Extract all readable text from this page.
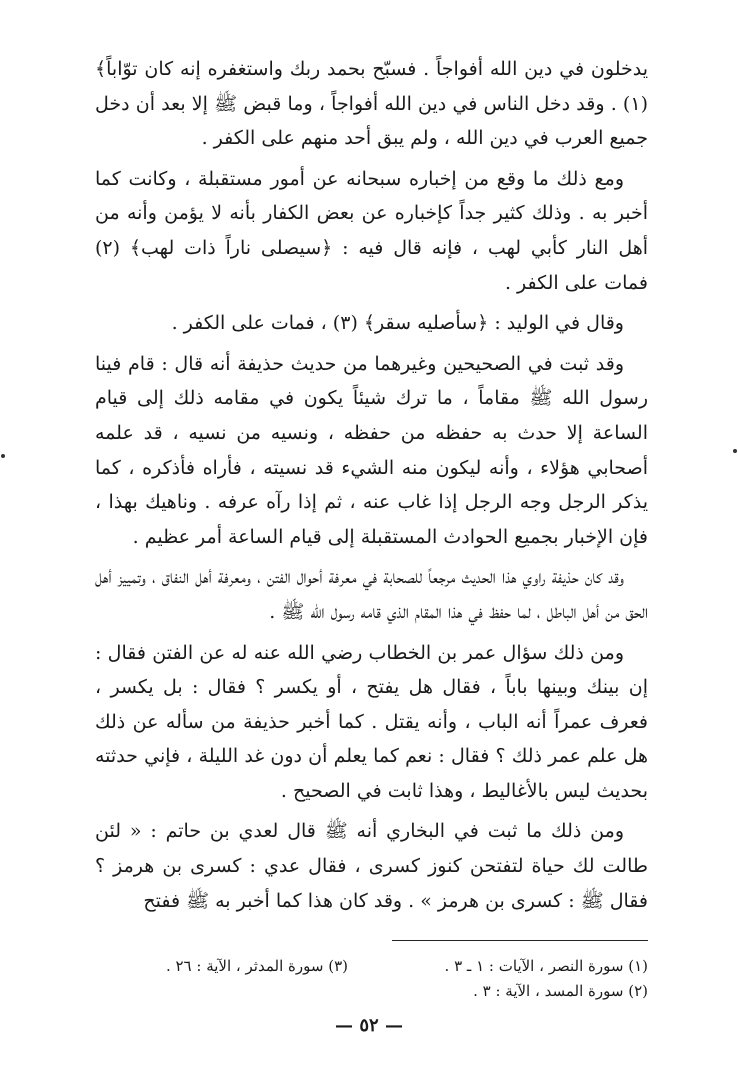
يدخلون في دين الله أفواجاً . فسبّح بحمد ربك واستغفره إنه كان توّاباً﴾ (١) . وقد دخل الناس في دين الله أفواجاً ، وما قبض ﷺ إلا بعد أن دخل جميع العرب في دين الله ، ولم يبق أحد منهم على الكفر .

ومع ذلك ما وقع من إخباره سبحانه عن أمور مستقبلة ، وكانت كما أخبر به . وذلك كثير جداً كإخباره عن بعض الكفار بأنه لا يؤمن وأنه من أهل النار كأبي لهب ، فإنه قال فيه : ﴿سيصلى ناراً ذات لهب﴾ (٢) فمات على الكفر .

وقال في الوليد : ﴿سأصليه سقر﴾ (٣) ، فمات على الكفر .

وقد ثبت في الصحيحين وغيرهما من حديث حذيفة أنه قال : قام فينا رسول الله ﷺ مقاماً ، ما ترك شيئاً يكون في مقامه ذلك إلى قيام الساعة إلا حدث به حفظه من حفظه ، ونسيه من نسيه ، قد علمه أصحابي هؤلاء ، وأنه ليكون منه الشيء قد نسيته ، فأراه فأذكره ، كما يذكر الرجل وجه الرجل إذا غاب عنه ، ثم إذا رآه عرفه . وناهيك بهذا ، فإن الإخبار بجميع الحوادث المستقبلة إلى قيام الساعة أمر عظيم .

وقد كان حذيفة راوي هذا الحديث مرجعاً للصحابة في معرفة أحوال الفتن ، ومعرفة أهل النفاق ، وتمييز أهل الحق من أهل الباطل ، لما حفظ في هذا المقام الذي قامه رسول الله ﷺ .

ومن ذلك سؤال عمر بن الخطاب رضي الله عنه له عن الفتن فقال : إن بينك وبينها باباً ، فقال هل يفتح ، أو يكسر ؟ فقال : بل يكسر ، فعرف عمراً أنه الباب ، وأنه يقتل . كما أخبر حذيفة من سأله عن ذلك هل علم عمر ذلك ؟ فقال : نعم كما يعلم أن دون غد الليلة ، فإني حدثته بحديث ليس بالأغاليط ، وهذا ثابت في الصحيح .

ومن ذلك ما ثبت في البخاري أنه ﷺ قال لعدي بن حاتم : « لئن طالت لك حياة لتفتحن كنوز كسرى ، فقال عدي : كسرى بن هرمز ؟ فقال ﷺ : كسرى بن هرمز » . وقد كان هذا كما أخبر به ﷺ ففتح

(١) سورة النصر ، الآيات : ١ ـ ٣ .(٣) سورة المدثر ، الآية : ٢٦ .
(٢) سورة المسد ، الآية : ٣ .
— ٥٢ —
